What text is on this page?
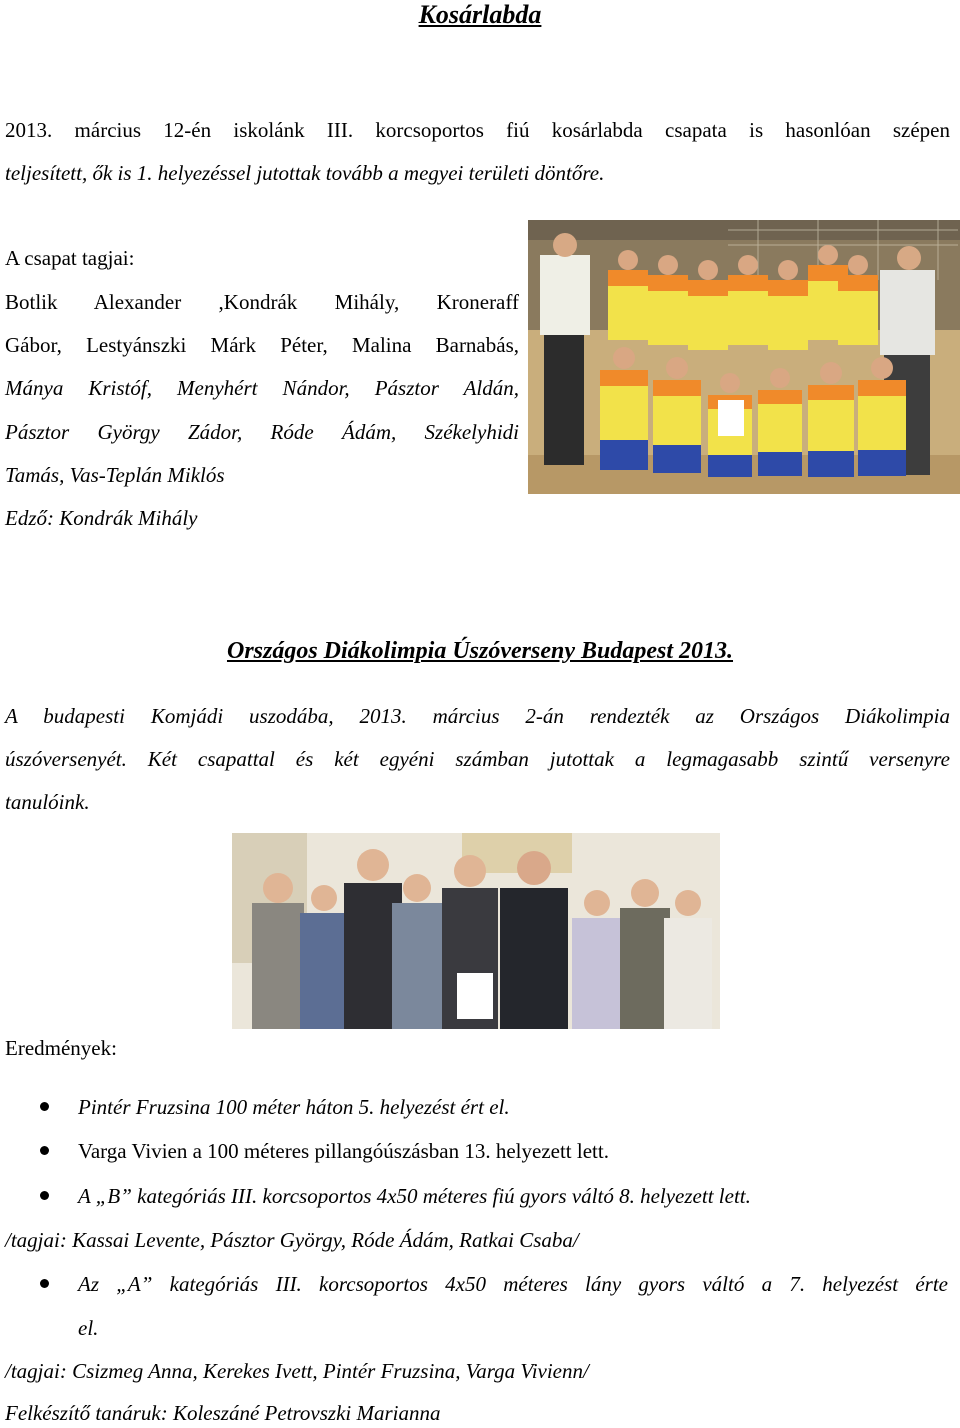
Kosárlabda
2013. március 12-én iskolánk III. korcsoportos fiú kosárlabda csapata is hasonlóan szépen
teljesített, ők is 1. helyezéssel jutottak tovább a megyei területi döntőre.
A csapat tagjai:
Botlik Alexander ,Kondrák Mihály, Kroneraff
Gábor, Lestyánszki Márk Péter, Malina Barnabás,
Mánya Kristóf, Menyhért Nándor, Pásztor Aldán,
Pásztor György Zádor, Róde Ádám, Székelyhidi
Tamás, Vas-Teplán Miklós
Edző: Kondrák Mihály
Országos Diákolimpia Úszóverseny Budapest 2013.
A budapesti Komjádi uszodába, 2013. március 2-án rendezték az Országos Diákolimpia
úszóversenyét. Két csapattal és két egyéni számban jutottak a legmagasabb szintű versenyre
tanulóink.
Eredmények:
Pintér Fruzsina 100 méter háton 5. helyezést ért el.
Varga Vivien a 100 méteres pillangóúszásban 13. helyezett lett.
A „B” kategóriás III. korcsoportos 4x50 méteres fiú gyors váltó 8. helyezett lett.
/tagjai: Kassai Levente, Pásztor György, Róde Ádám, Ratkai Csaba/
Az „A” kategóriás III. korcsoportos 4x50 méteres lány gyors váltó a 7. helyezést érte
el.
/tagjai: Csizmeg Anna, Kerekes Ivett, Pintér Fruzsina, Varga Vivienn/
Felkészítő tanáruk: Koleszáné Petrovszki Marianna
